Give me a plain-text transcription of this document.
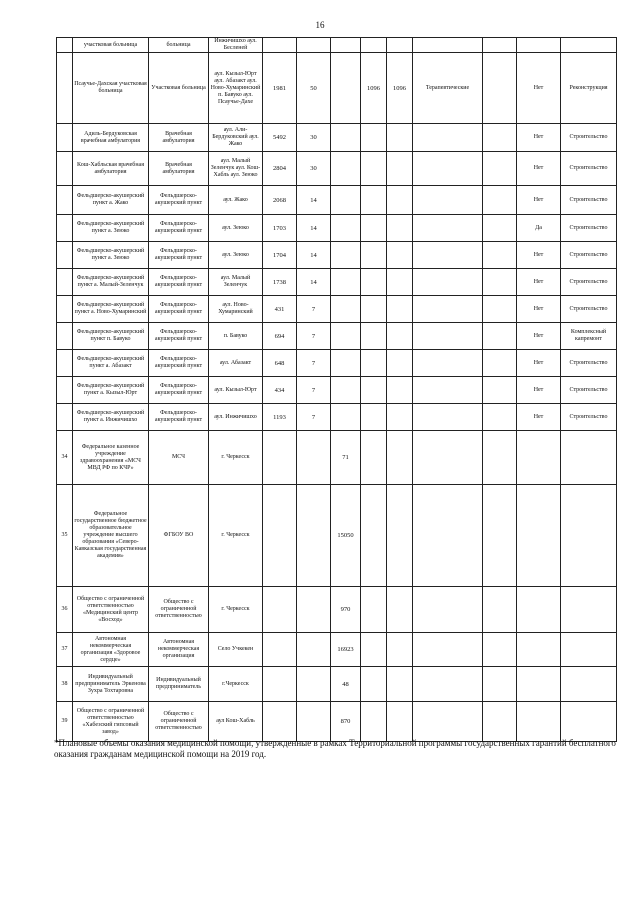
16
	участковая больница	больница	Инжичишхо аул. Бесленей									
	Псаучье-Дахская участковая больница	Участковая больница	аул. Кызыл-Юрт аул. Абазакт аул. Ново-Хумаринский п. Бавуко аул. Псаучье-Дахе	1981	50		1096	1096	Терапевтические		Нет	Реконструкция
	Адиль-Бердуковская врачебная амбулатория	Врачебная амбулатория	аул. Али-Бердуковский аул. Жако	5492	30						Нет	Строительство
	Кош-Хабльская врачебная амбулатория	Врачебная амбулатория	аул. Малый Зеленчук аул. Кош-Хабль аул. Зеюко	2804	30						Нет	Строительство
	Фельдшерско-акушерский пункт а. Жако	Фельдшерско-акушерский пункт	аул. Жако	2068	14						Нет	Строительство
	Фельдшерско-акушерский пункт а. Зеюко	Фельдшерско-акушерский пункт	аул. Зеюко	1703	14						Да	Строительство
	Фельдшерско-акушерский пункт а. Зеюко	Фельдшерско-акушерский пункт	аул. Зеюко	1704	14						Нет	Строительство
	Фельдшерско-акушерский пункт а. Малый-Зеленчук	Фельдшерско-акушерский пункт	аул. Малый Зеленчук	1738	14						Нет	Строительство
	Фельдшерско-акушерский пункт а. Ново-Хумаринский	Фельдшерско-акушерский пункт	аул. Ново-Хумаринский	431	7						Нет	Строительство
	Фельдшерско-акушерский пункт п. Бавуко	Фельдшерско-акушерский пункт	п. Бавуко	694	7						Нет	Комплексный капремонт
	Фельдшерско-акушерский пункт а. Абазакт	Фельдшерско-акушерский пункт	аул. Абазакт	648	7						Нет	Строительство
	Фельдшерско-акушерский пункт а. Кызыл-Юрт	Фельдшерско-акушерский пункт	аул. Кызыл-Юрт	434	7						Нет	Строительство
	Фельдшерско-акушерский пункт а. Инжичишхо	Фельдшерско-акушерский пункт	аул. Инжичишхо	1193	7						Нет	Строительство
34	Федеральное казенное учреждение здравоохранения «МСЧ МВД РФ по КЧР»	МСЧ	г. Черкесск			71						
35	Федеральное государственное бюджетное образовательное учреждение высшего образования «Северо-Кавказская государственная академия»	ФГБОУ ВО	г. Черкесск			15050						
36	Общество с ограниченной ответственностью «Медицинский центр «Восход»	Общество с ограниченной ответственностью	г. Черкесск			970						
37	Автономная некоммерческая организация «Здоровое сердце»	Автономная некоммерческая организация	Село Учкекен			16923						
38	Индивидуальный предприниматель Эркенова Зухра Тохтаровна	Индивидуальный предприниматель	г.Черкесск			48						
39	Общество с ограниченной ответственностью «Хабезский гипсовый завод»	Общество с ограниченной ответственностью	аул Кош-Хабль			870						
*Плановые объемы оказания медицинской помощи, утвержденные в рамках Территориальной программы государственных гарантий бесплатного оказания гражданам медицинской помощи на 2019 год.
